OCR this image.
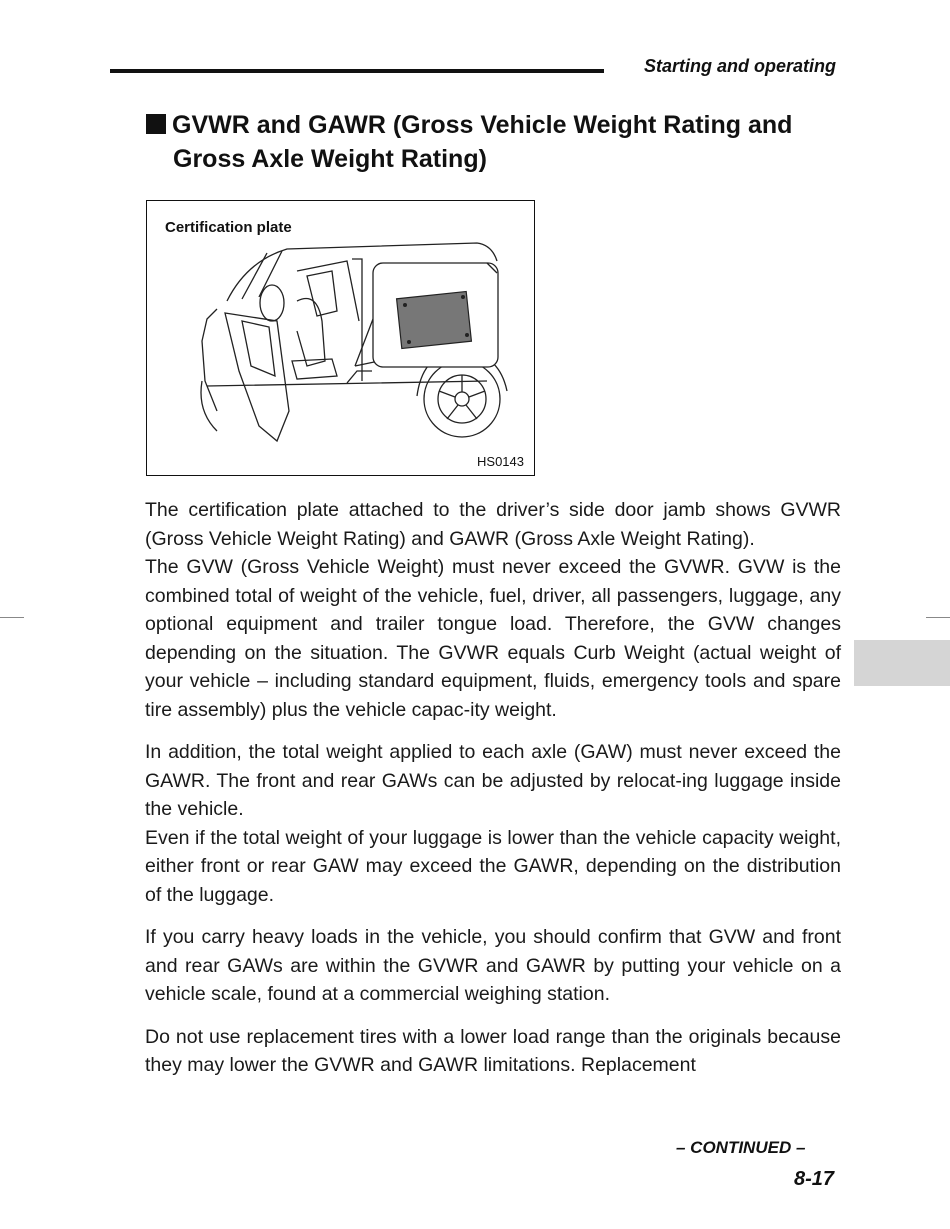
Starting and operating
GVWR and GAWR (Gross Vehicle Weight Rating and
Gross Axle Weight Rating)
Certification plate
HS0143

The certification plate attached to the driver’s side door jamb shows GVWR (Gross Vehicle Weight Rating) and GAWR (Gross Axle Weight Rating).

The GVW (Gross Vehicle Weight) must never exceed the GVWR. GVW is the combined total of weight of the vehicle, fuel, driver, all passengers, luggage, any optional equipment and trailer tongue load. Therefore, the GVW changes depending on the situation. The GVWR equals Curb Weight (actual weight of your vehicle – including standard equipment, fluids, emergency tools and spare tire assembly) plus the vehicle capac-ity weight.

In addition, the total weight applied to each axle (GAW) must never exceed the GAWR. The front and rear GAWs can be adjusted by relocat-ing luggage inside the vehicle.

Even if the total weight of your luggage is lower than the vehicle capacity weight, either front or rear GAW may exceed the GAWR, depending on the distribution of the luggage.

If you carry heavy loads in the vehicle, you should confirm that GVW and front and rear GAWs are within the GVWR and GAWR by putting your vehicle on a vehicle scale, found at a commercial weighing station.

Do not use replacement tires with a lower load range than the originals because they may lower the GVWR and GAWR limitations. Replacement

– CONTINUED –
8-17
